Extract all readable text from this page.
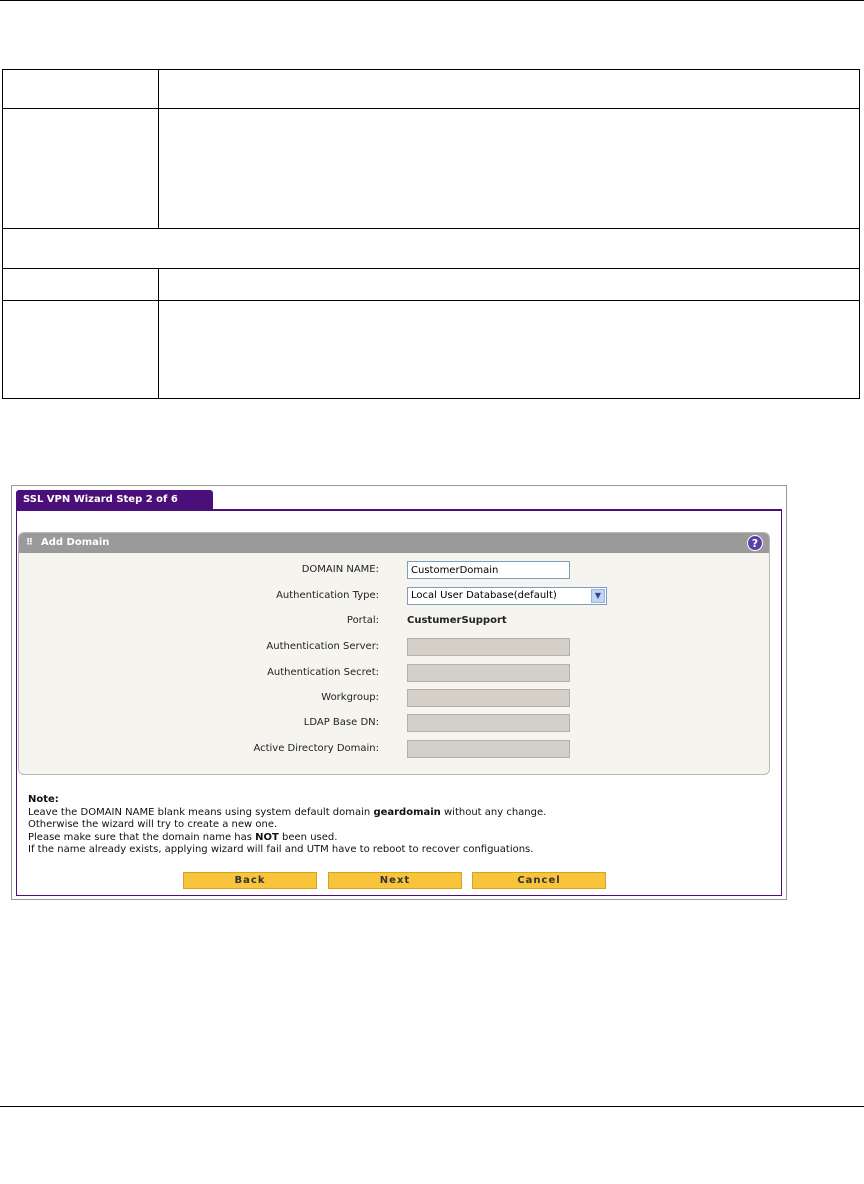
SSL VPN Wizard Step 2 of 6
⠿ Add Domain	?
DOMAIN NAME:
CustomerDomain
Authentication Type:	Local User Database(default)	▼
Portal:	CustumerSupport
Authentication Server:
Authentication Secret:
Workgroup:
LDAP Base DN:
Active Directory Domain:
Note:
Leave the DOMAIN NAME blank means using system default domain geardomain without any change.
Otherwise the wizard will try to create a new one.
Please make sure that the domain name has NOT been used.
If the name already exists, applying wizard will fail and UTM have to reboot to recover configuations.
Back	Next	Cancel
